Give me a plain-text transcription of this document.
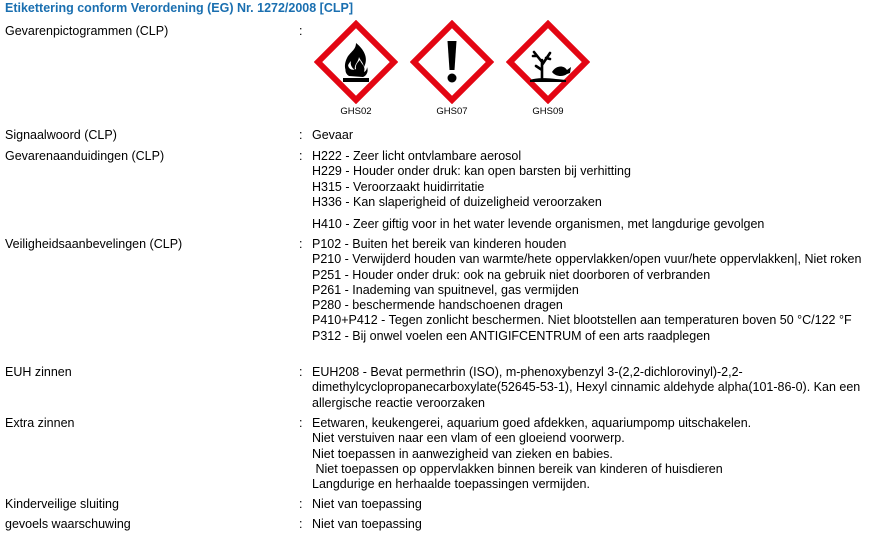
Etikettering conform Verordening (EG) Nr. 1272/2008 [CLP]
Gevarenpictogrammen (CLP)	:
GHS02	GHS07	GHS09
Signaalwoord (CLP)	: Gevaar
Gevarenaanduidingen (CLP)	: H222 - Zeer licht ontvlambare aerosol
H229 - Houder onder druk: kan open barsten bij verhitting
H315 - Veroorzaakt huidirritatie
H336 - Kan slaperigheid of duizeligheid veroorzaken
H410 - Zeer giftig voor in het water levende organismen, met langdurige gevolgen
Veiligheidsaanbevelingen (CLP)	: P102 - Buiten het bereik van kinderen houden
P210 - Verwijderd houden van warmte/hete oppervlakken/open vuur/hete oppervlakken|, Niet roken
P251 - Houder onder druk: ook na gebruik niet doorboren of verbranden
P261 - Inademing van spuitnevel, gas vermijden
P280 - beschermende handschoenen dragen
P410+P412 - Tegen zonlicht beschermen. Niet blootstellen aan temperaturen boven 50 °C/122 °F
P312 - Bij onwel voelen een ANTIGIFCENTRUM of een arts raadplegen
EUH zinnen	: EUH208 - Bevat permethrin (ISO), m-phenoxybenzyl 3-(2,2-dichlorovinyl)-2,2-dimethylcyclopropanecarboxylate(52645-53-1), Hexyl cinnamic aldehyde alpha(101-86-0). Kan een allergische reactie veroorzaken
Extra zinnen	: Eetwaren, keukengerei, aquarium goed afdekken, aquariumpomp uitschakelen.
Niet verstuiven naar een vlam of een gloeiend voorwerp.
Niet toepassen in aanwezigheid van zieken en babies.
Niet toepassen op oppervlakken binnen bereik van kinderen of huisdieren
Langdurige en herhaalde toepassingen vermijden.
Kinderveilige sluiting	: Niet van toepassing
gevoels waarschuwing	: Niet van toepassing
